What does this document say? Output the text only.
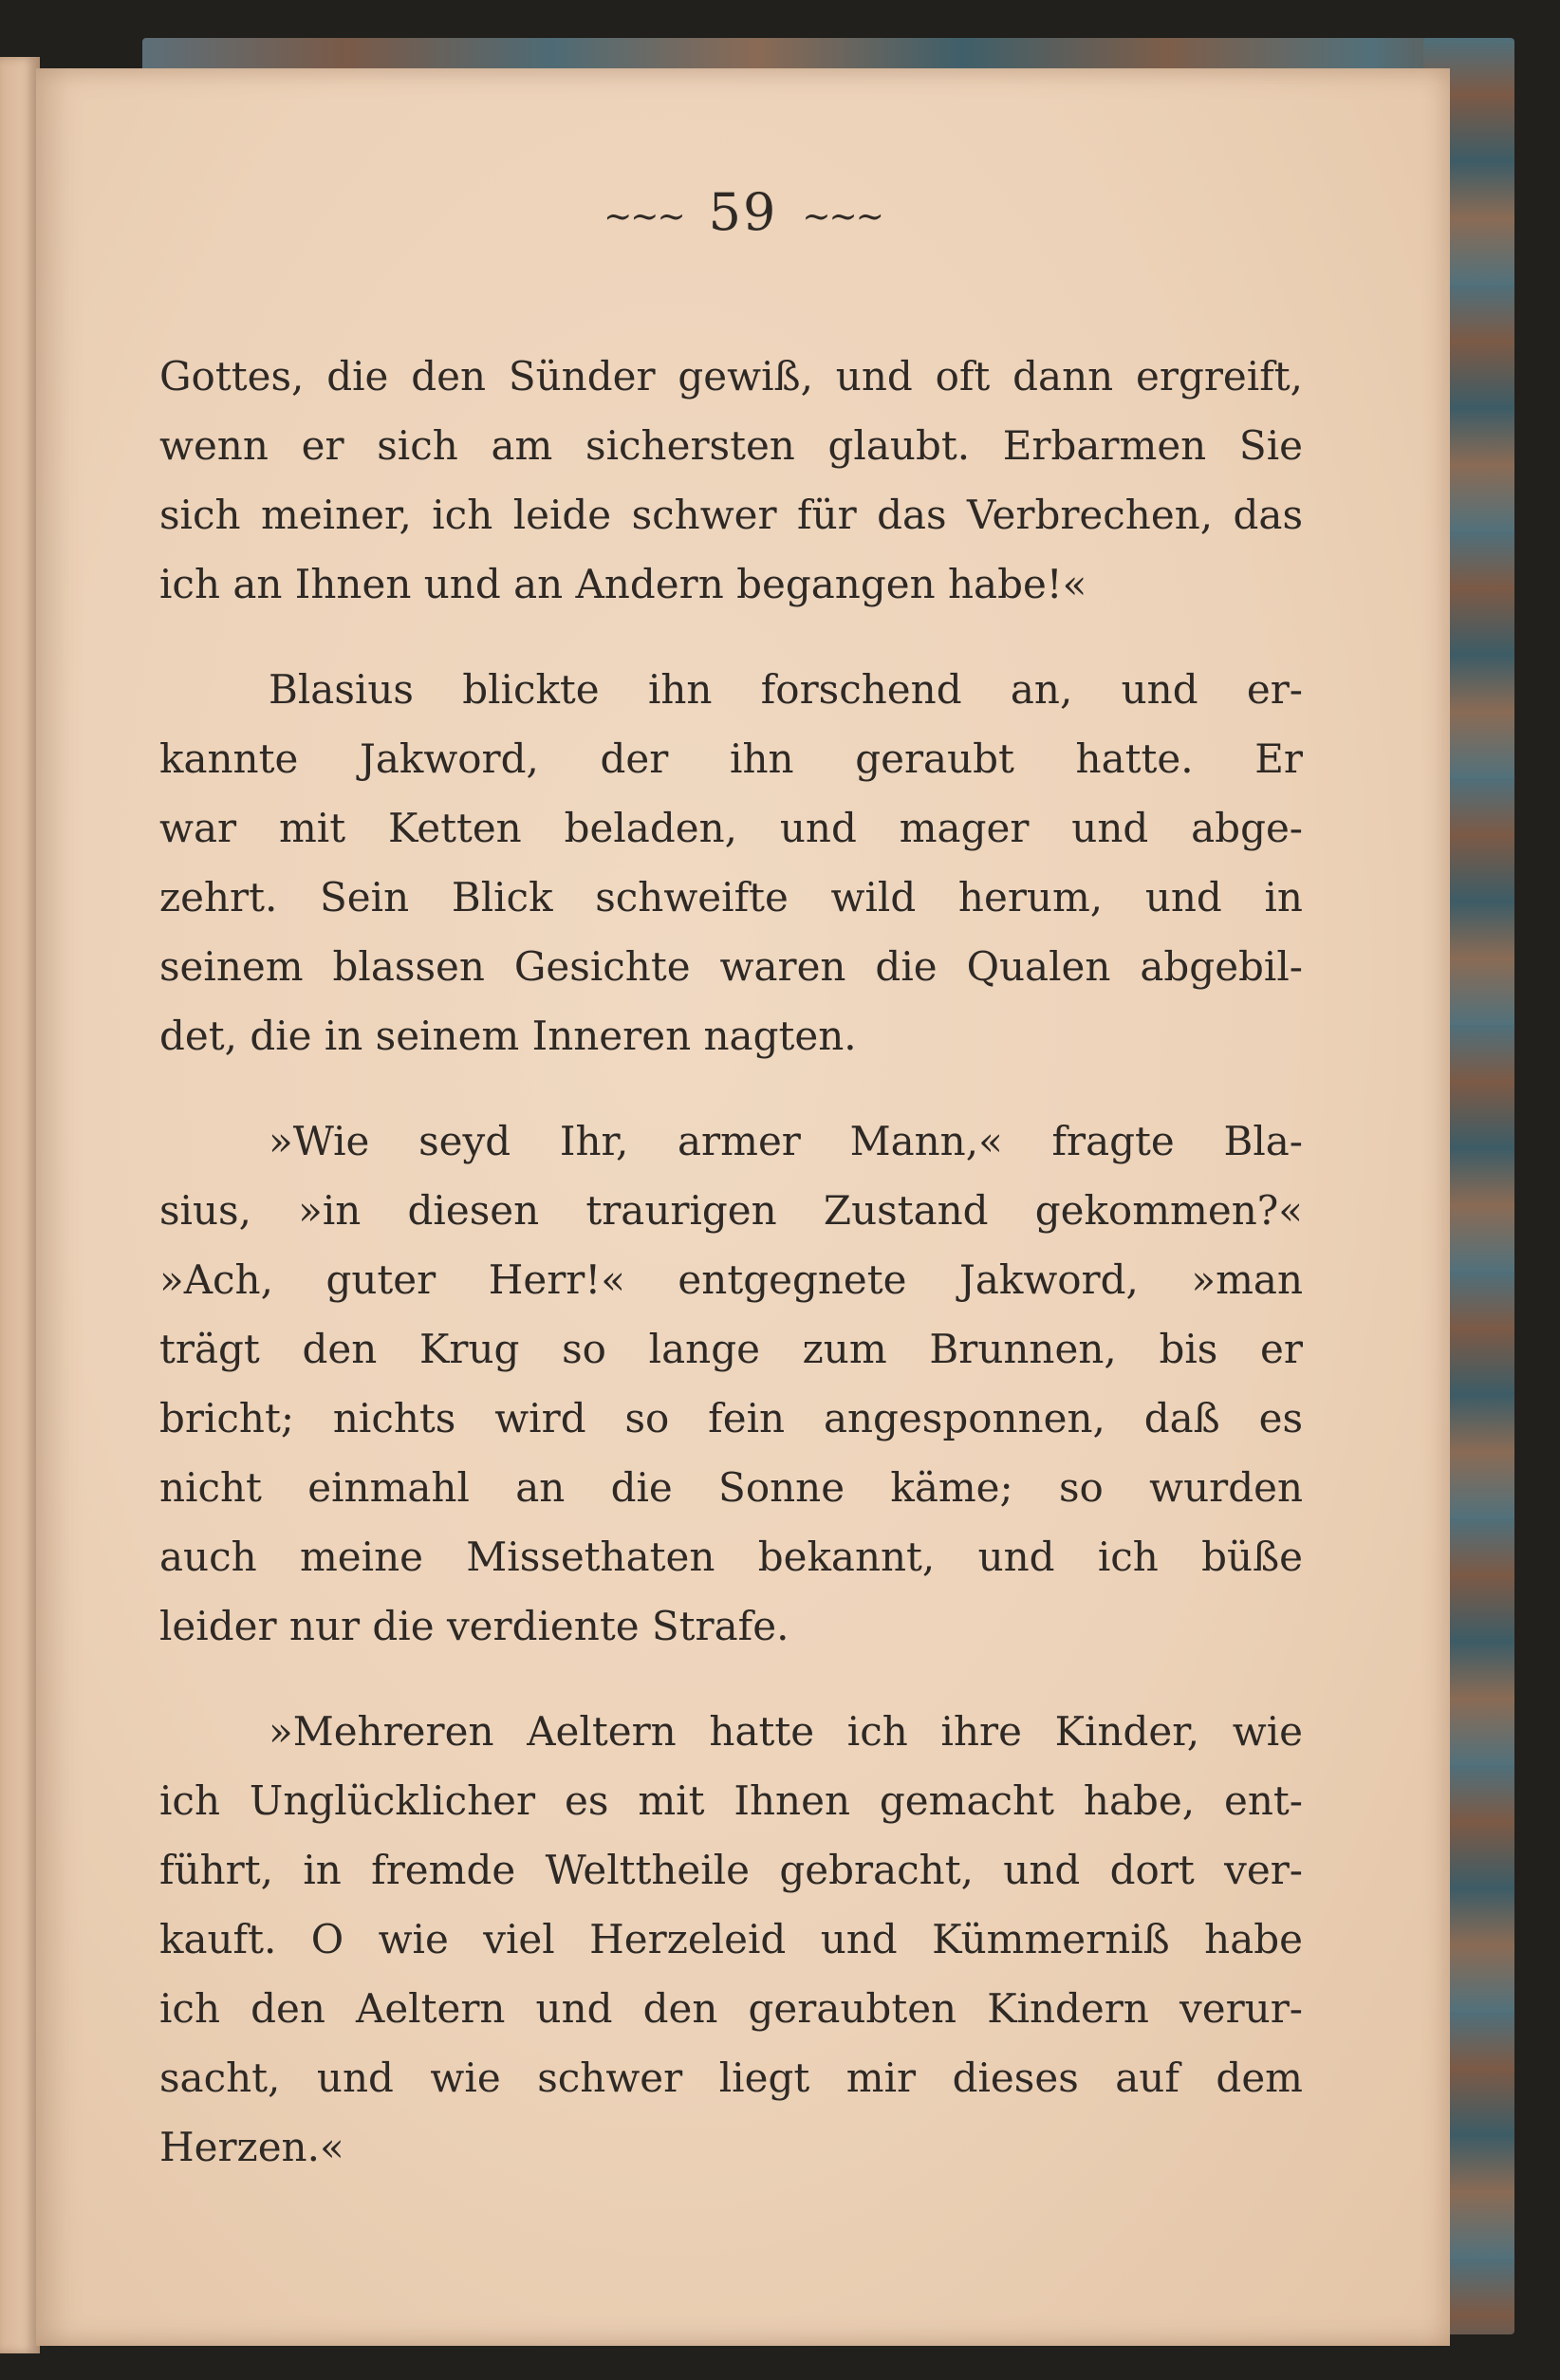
~~~ 59 ~~~
Gottes, die den Sünder gewiß, und oft dann ergreift,
wenn er sich am sichersten glaubt. Erbarmen Sie
sich meiner, ich leide schwer für das Verbrechen, das
ich an Ihnen und an Andern begangen habe!«
Blasius blickte ihn forschend an, und er-
kannte Jakword, der ihn geraubt hatte. Er
war mit Ketten beladen, und mager und abge-
zehrt. Sein Blick schweifte wild herum, und in
seinem blassen Gesichte waren die Qualen abgebil-
det, die in seinem Inneren nagten.
»Wie seyd Ihr, armer Mann,« fragte Bla-
sius, »in diesen traurigen Zustand gekommen?«
»Ach, guter Herr!« entgegnete Jakword, »man
trägt den Krug so lange zum Brunnen, bis er
bricht; nichts wird so fein angesponnen, daß es
nicht einmahl an die Sonne käme; so wurden
auch meine Missethaten bekannt, und ich büße
leider nur die verdiente Strafe.
»Mehreren Aeltern hatte ich ihre Kinder, wie
ich Unglücklicher es mit Ihnen gemacht habe, ent-
führt, in fremde Welttheile gebracht, und dort ver-
kauft. O wie viel Herzeleid und Kümmerniß habe
ich den Aeltern und den geraubten Kindern verur-
sacht, und wie schwer liegt mir dieses auf dem
Herzen.«
